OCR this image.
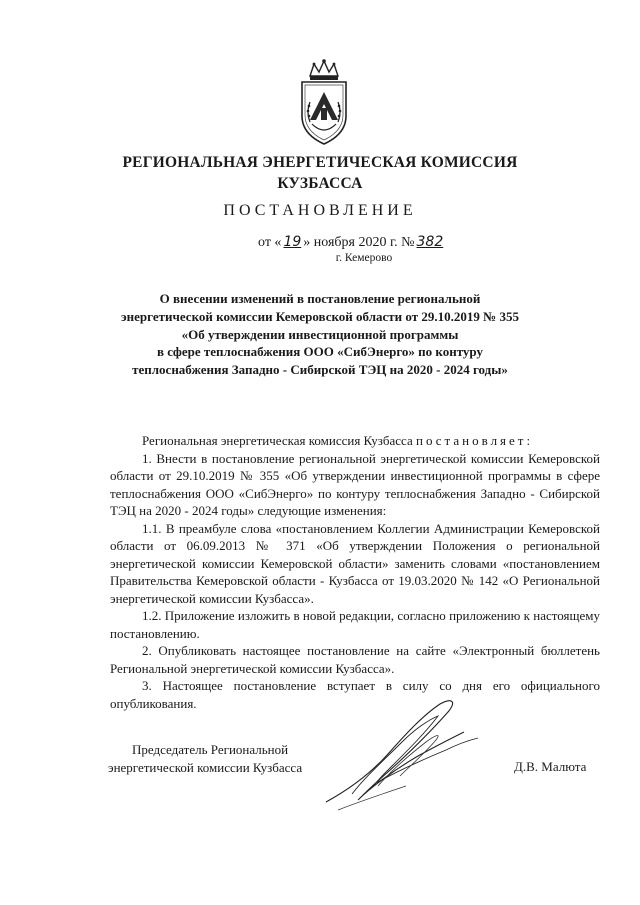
РЕГИОНАЛЬНАЯ ЭНЕРГЕТИЧЕСКАЯ КОМИССИЯ
КУЗБАССА
ПОСТАНОВЛЕНИЕ
от « 19 » ноября 2020 г. № 382
г. Кемерово
О внесении изменений в постановление региональной
энергетической комиссии Кемеровской области от 29.10.2019 № 355
«Об утверждении инвестиционной программы
в сфере теплоснабжения ООО «СибЭнерго» по контуру
теплоснабжения Западно - Сибирской ТЭЦ на 2020 - 2024 годы»

Региональная энергетическая комиссия Кузбасса постановляет:

1. Внести в постановление региональной энергетической комиссии Кемеровской области от 29.10.2019 № 355 «Об утверждении инвестиционной программы в сфере теплоснабжения ООО «СибЭнерго» по контуру теплоснабжения Западно - Сибирской ТЭЦ на 2020 - 2024 годы» следующие изменения:

1.1. В преамбуле слова «постановлением Коллегии Администрации Кемеровской области от 06.09.2013 № 371 «Об утверждении Положения о региональной энергетической комиссии Кемеровской области» заменить словами «постановлением Правительства Кемеровской области - Кузбасса от 19.03.2020 № 142 «О Региональной энергетической комиссии Кузбасса».

1.2. Приложение изложить в новой редакции, согласно приложению к настоящему постановлению.

2. Опубликовать настоящее постановление на сайте «Электронный бюллетень Региональной энергетической комиссии Кузбасса».

3. Настоящее постановление вступает в силу со дня его официального опубликования.

Председатель Региональной
энергетической комиссии Кузбасса	Д.В. Малюта
